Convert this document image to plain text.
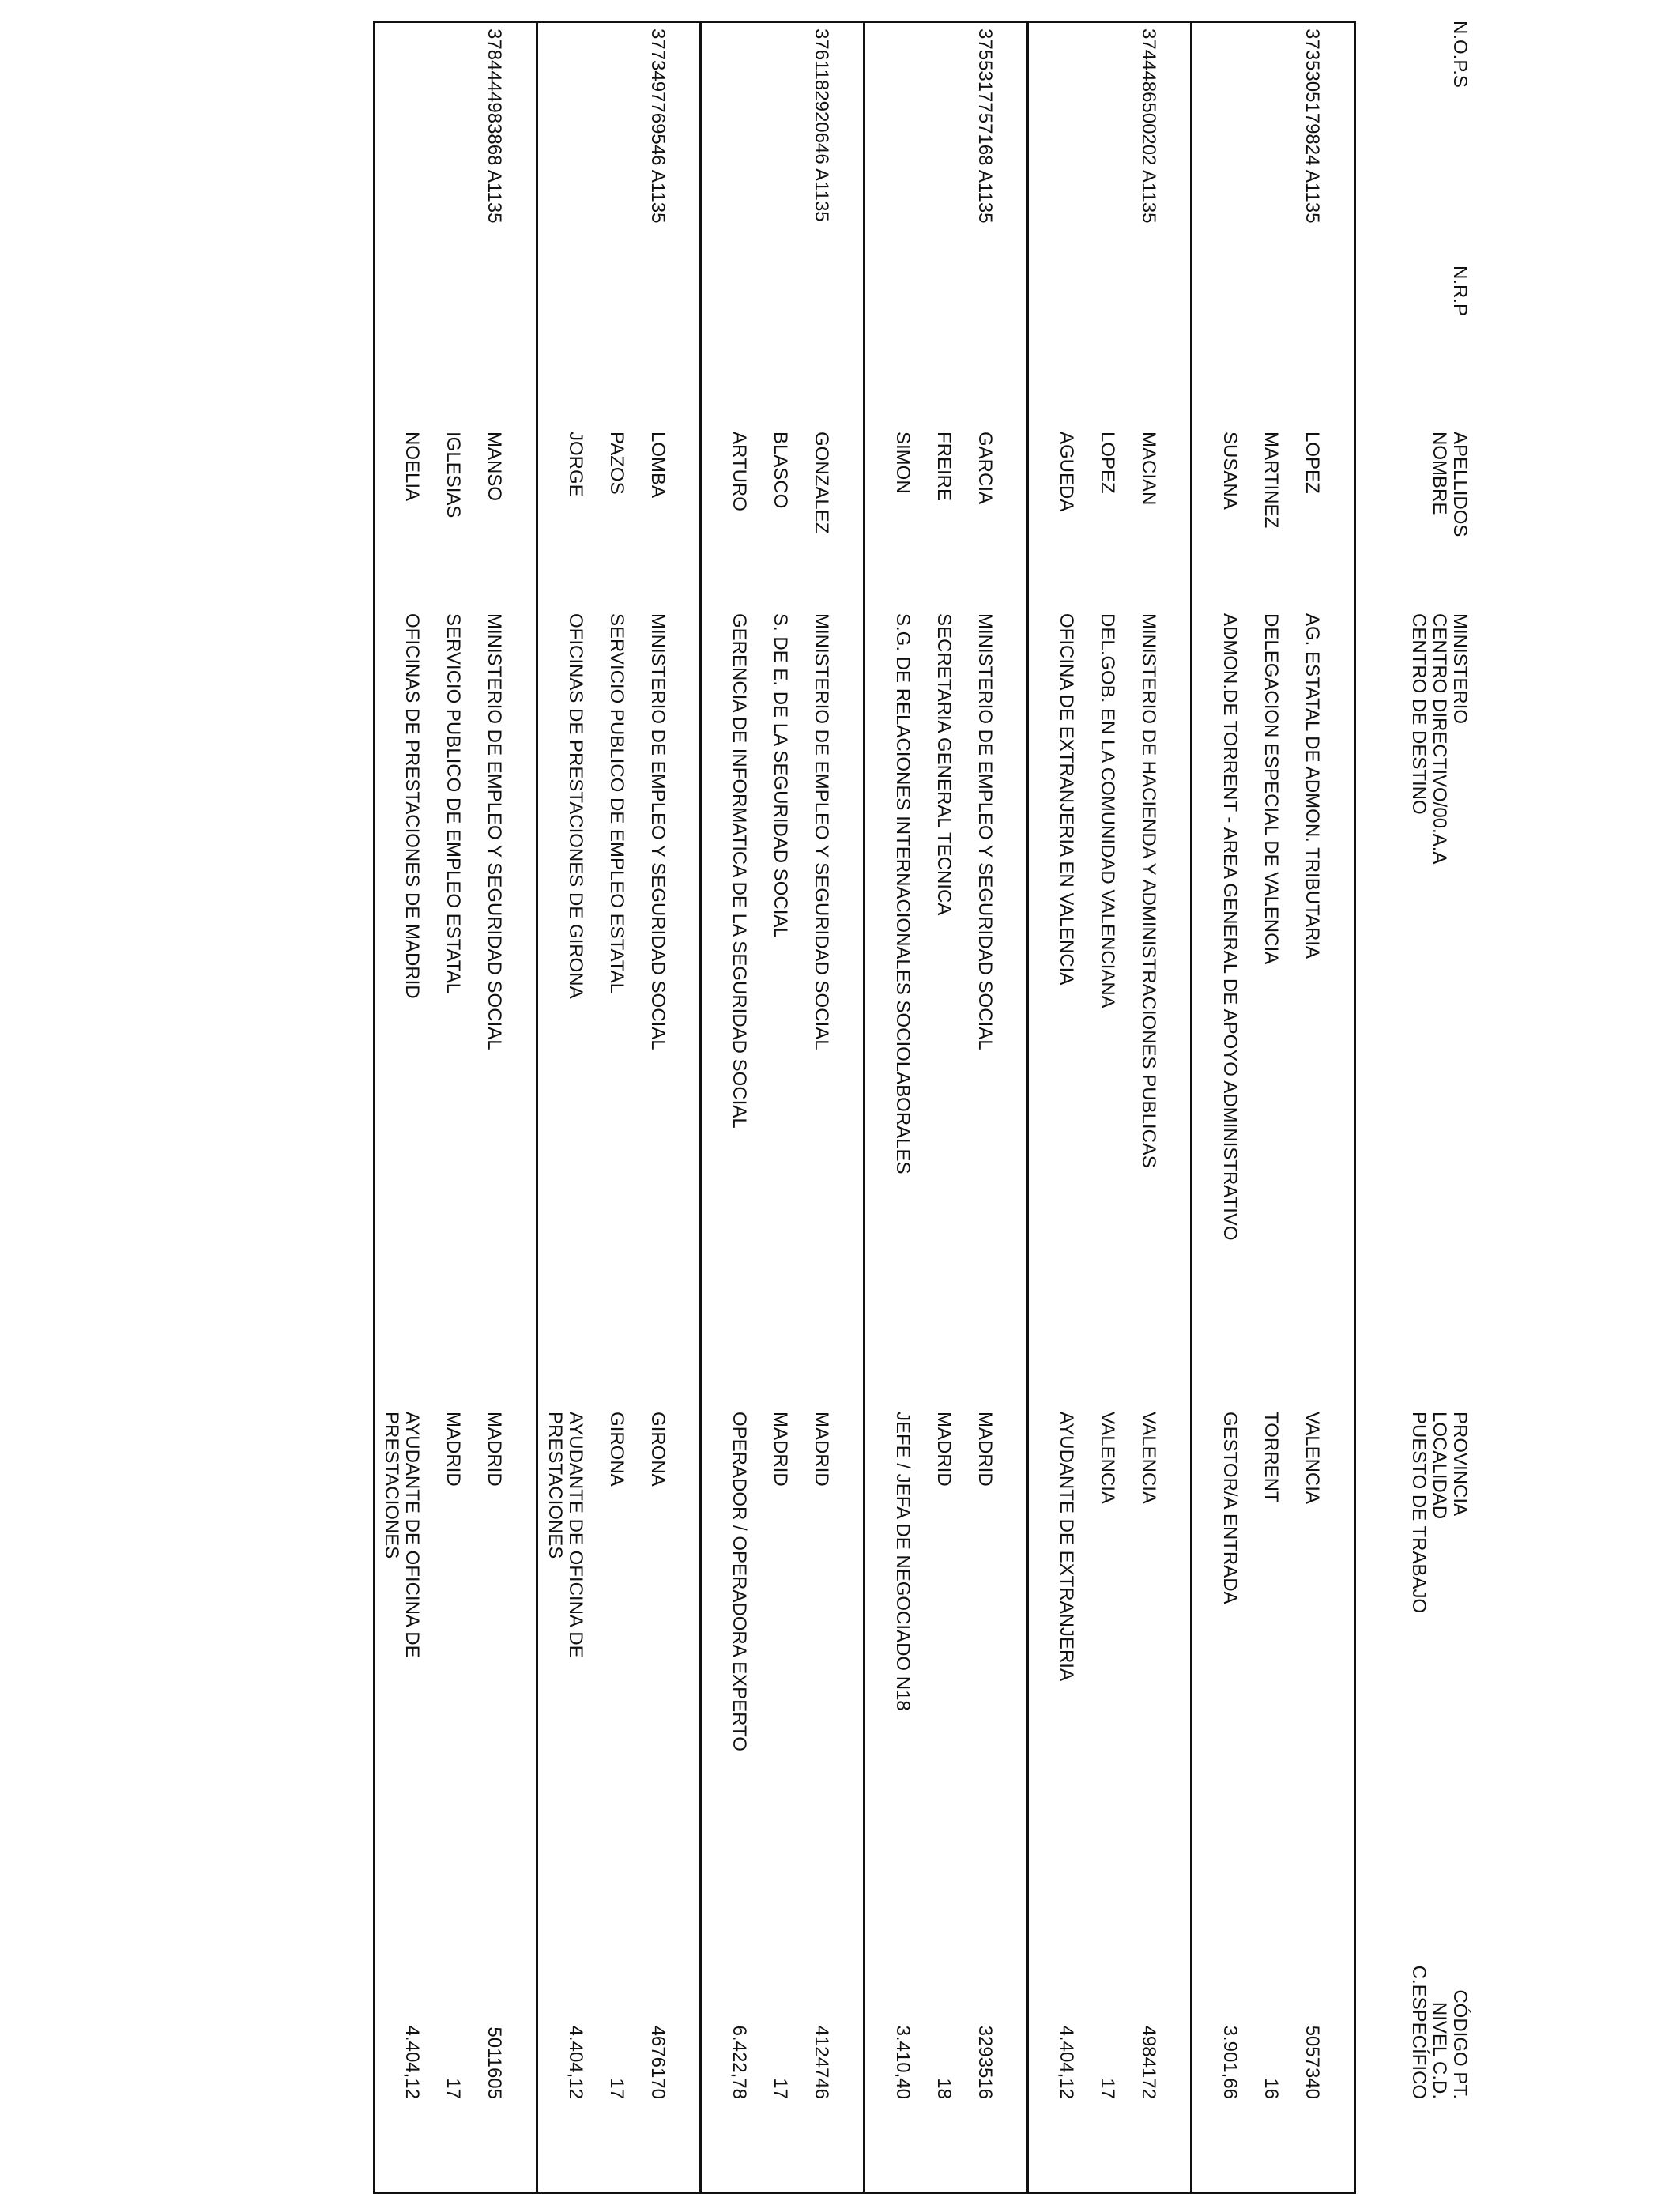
N.O.P.S
N.R.P
APELLIDOS
NOMBRE
MINISTERIO
CENTRO DIRECTIVO/00.A.A
CENTRO DE DESTINO
PROVINCIA
LOCALIDAD
PUESTO DE TRABAJO
CÓDIGO PT.
NIVEL C.D.
C.ESPECÍFICO
373
5305179824 A1135
LOPEZ
AG. ESTATAL DE ADMON. TRIBUTARIA
VALENCIA
5057340
MARTINEZ
DELEGACION ESPECIAL DE VALENCIA
TORRENT
16
SUSANA
ADMON.DE TORRENT - AREA GENERAL DE APOYO ADMINISTRATIVO
GESTOR/A ENTRADA
3.901,66
374
4486500202 A1135
MACIAN
MINISTERIO DE HACIENDA Y ADMINISTRACIONES PUBLICAS
VALENCIA
4984172
LOPEZ
DEL.GOB. EN LA COMUNIDAD VALENCIANA
VALENCIA
17
AGUEDA
OFICINA DE EXTRANJERIA EN VALENCIA
AYUDANTE DE EXTRANJERIA
4.404,12
375
5317757168 A1135
GARCIA
MINISTERIO DE EMPLEO Y SEGURIDAD SOCIAL
MADRID
3293516
FREIRE
SECRETARIA GENERAL TECNICA
MADRID
18
SIMON
S.G. DE RELACIONES INTERNACIONALES SOCIOLABORALES
JEFE / JEFA DE NEGOCIADO N18
3.410,40
376
1182920646 A1135
GONZALEZ
MINISTERIO DE EMPLEO Y SEGURIDAD SOCIAL
MADRID
4124746
BLASCO
S. DE E. DE LA SEGURIDAD SOCIAL
MADRID
17
ARTURO
GERENCIA DE INFORMATICA DE LA SEGURIDAD SOCIAL
OPERADOR / OPERADORA EXPERTO
6.422,78
377
3497769546 A1135
LOMBA
MINISTERIO DE EMPLEO Y SEGURIDAD SOCIAL
GIRONA
4676170
PAZOS
SERVICIO PUBLICO DE EMPLEO ESTATAL
GIRONA
17
JORGE
OFICINAS DE PRESTACIONES DE GIRONA
AYUDANTE DE OFICINA DE PRESTACIONES
4.404,12
378
4444983868 A1135
MANSO
MINISTERIO DE EMPLEO Y SEGURIDAD SOCIAL
MADRID
5011605
IGLESIAS
SERVICIO PUBLICO DE EMPLEO ESTATAL
MADRID
17
NOELIA
OFICINAS DE PRESTACIONES DE MADRID
AYUDANTE DE OFICINA DE PRESTACIONES
4.404,12
